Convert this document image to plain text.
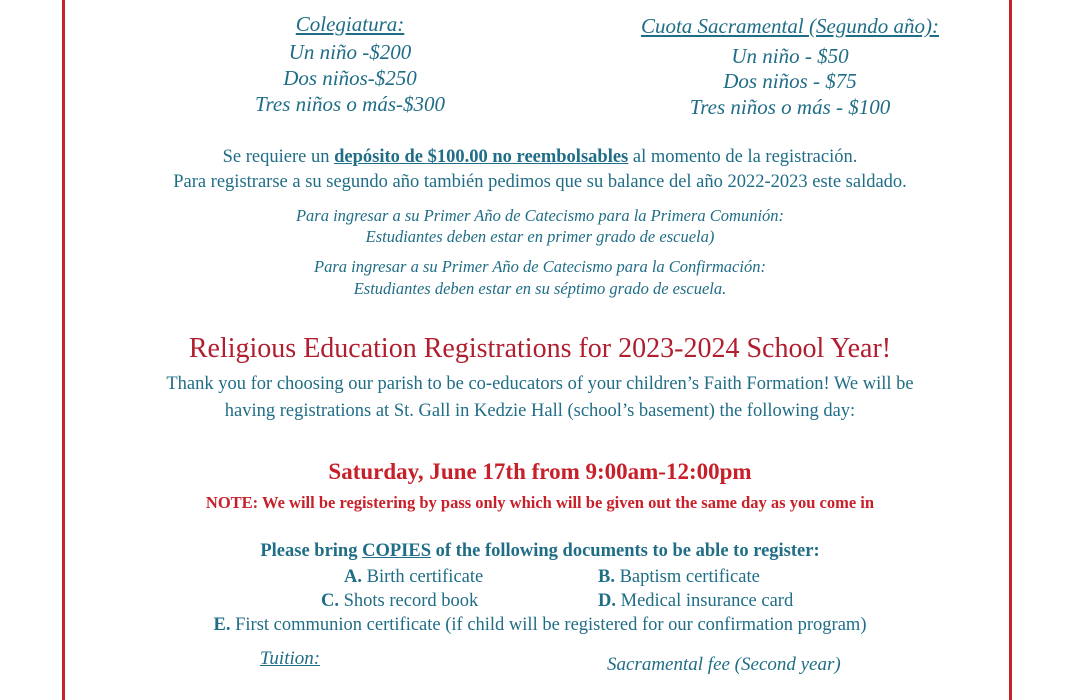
Colegiatura:
Un niño -$200
Dos niños-$250
Tres niños o más-$300
Cuota Sacramental (Segundo año):
Un niño - $50
Dos niños - $75
Tres niños o más - $100
Se requiere un depósito de $100.00 no reembolsables al momento de la registración.
Para registrarse a su segundo año también pedimos que su balance del año 2022-2023 este saldado.
Para ingresar a su Primer Año de Catecismo para la Primera Comunión:
Estudiantes deben estar en primer grado de escuela)
Para ingresar a su Primer Año de Catecismo para la Confirmación:
Estudiantes deben estar en su séptimo grado de escuela.
Religious Education Registrations for 2023-2024 School Year!
Thank you for choosing our parish to be co-educators of your children’s Faith Formation! We will be
having registrations at St. Gall in Kedzie Hall (school’s basement) the following day:
Saturday, June 17th from 9:00am-12:00pm
NOTE: We will be registering by pass only which will be given out the same day as you come in
Please bring COPIES of the following documents to be able to register:
A. Birth certificate	B. Baptism certificate
C. Shots record book	D. Medical insurance card
E. First communion certificate (if child will be registered for our confirmation program)
Tuition:	Sacramental fee (Second year)
